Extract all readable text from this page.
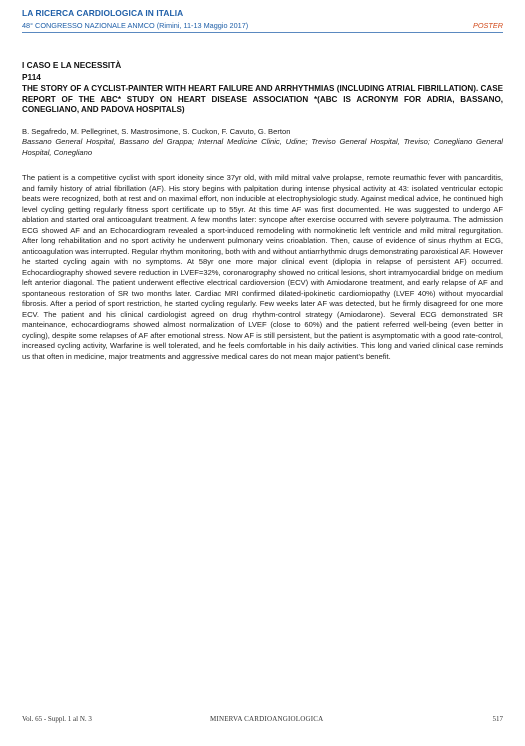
LA RICERCA CARDIOLOGICA IN ITALIA
48° CONGRESSO NAZIONALE ANMCO (Rimini, 11-13 Maggio 2017)	POSTER
I CASO E LA NECESSITÀ
P114
THE STORY OF A CYCLIST-PAINTER WITH HEART FAILURE AND ARRHYTHMIAS (INCLUDING ATRIAL FIBRILLATION). CASE REPORT OF THE ABC* STUDY ON HEART DISEASE ASSOCIATION *(ABC IS ACRONYM FOR ADRIA, BASSANO, CONEGLIANO, AND PADOVA HOSPITALS)
B. Segafredo, M. Pellegrinet, S. Mastrosimone, S. Cuckon, F. Cavuto, G. Berton
Bassano General Hospital, Bassano del Grappa; Internal Medicine Clinic, Udine; Treviso General Hospital, Treviso; Conegliano General Hospital, Conegliano

The patient is a competitive cyclist with sport idoneity since 37yr old, with mild mitral valve prolapse, remote reumathic fever with pancarditis, and family history of atrial fibrillation (AF). His story begins with palpitation during intense physical activity at 43: isolated ventricular ectopic beats were recognized, both at rest and on maximal effort, non inducible at electrophysiologic study. Against medical advice, he continued high level cycling getting regularly fitness sport certificate up to 55yr. At this time AF was first documented. He was suggested to undergo AF ablation and started oral anticoagulant treatment. A few months later: syncope after exercise occurred with severe polytrauma. The admission ECG showed AF and an Echocardiogram revealed a sport-induced remodeling with normokinetic left ventricle and mild mitral regurgitation. After long rehabilitation and no sport activity he underwent pulmonary veins crioablation. Then, cause of evidence of sinus rhythm at ECG, anticoagulation was interrupted. Regular rhythm monitoring, both with and without antiarrhythmic drugs demonstrating paroxistical AF. However he started cycling again with no symptoms. At 58yr one more major clinical event (diplopia in relapse of persistent AF) occurred. Echocardiography showed severe reduction in LVEF=32%, coronarography showed no critical lesions, short intramyocardial bridge on medium left anterior diagonal. The patient underwent effective electrical cardioversion (ECV) with Amiodarone treatment, and early relapse of AF and spontaneous restoration of SR two months later. Cardiac MRI confirmed dilated-ipokinetic cardiomiopathy (LVEF 40%) without myocardial fibrosis. After a period of sport restriction, he started cycling regularly. Few weeks later AF was detected, but he firmly disagreed for one more ECV. The patient and his clinical cardiologist agreed on drug rhythm-control strategy (Amiodarone). Several ECG demonstrated SR manteinance, echocardiograms showed almost normalization of LVEF (close to 60%) and the patient referred well-being (even better in cycling), despite some relapses of AF after emotional stress. Now AF is still persistent, but the patient is asymptomatic with a good rate-control, increased cycling activity, Warfarine is well tolerated, and he feels comfortable in his daily activities. This long and varied clinical case reminds us that often in medicine, major treatments and aggressive medical cares do not mean major patient’s benefit.

Vol. 65 - Suppl. 1 al N. 3	MINERVA CARDIOANGIOLOGICA	517
